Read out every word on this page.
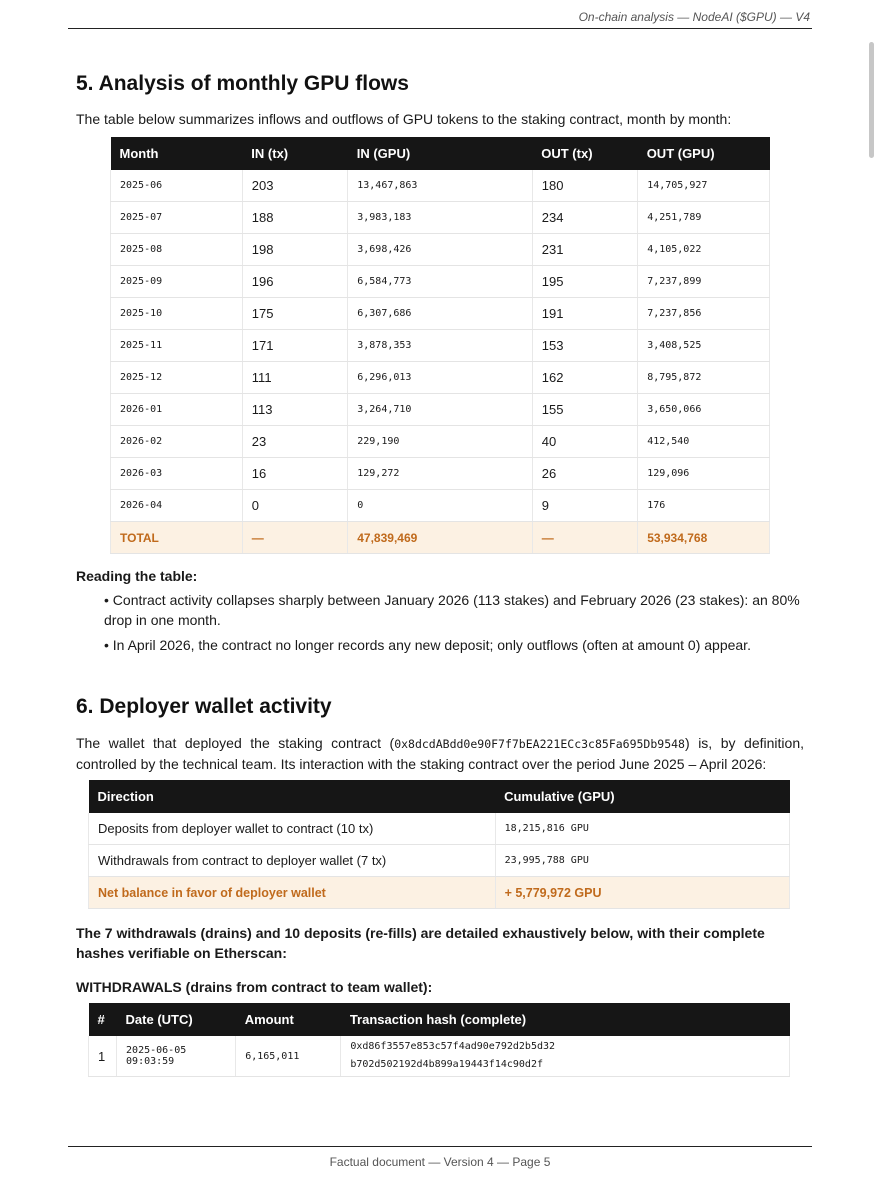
On-chain analysis — NodeAI ($GPU) — V4
5. Analysis of monthly GPU flows

The table below summarizes inflows and outflows of GPU tokens to the staking contract, month by month:

Month	IN (tx)	IN (GPU)	OUT (tx)	OUT (GPU)
2025-06	203	13,467,863	180	14,705,927
2025-07	188	3,983,183	234	4,251,789
2025-08	198	3,698,426	231	4,105,022
2025-09	196	6,584,773	195	7,237,899
2025-10	175	6,307,686	191	7,237,856
2025-11	171	3,878,353	153	3,408,525
2025-12	111	6,296,013	162	8,795,872
2026-01	113	3,264,710	155	3,650,066
2026-02	23	229,190	40	412,540
2026-03	16	129,272	26	129,096
2026-04	0	0	9	176
TOTAL	—	47,839,469	—	53,934,768
Reading the table:
• Contract activity collapses sharply between January 2026 (113 stakes) and February 2026 (23 stakes): an 80% drop in one month.
• In April 2026, the contract no longer records any new deposit; only outflows (often at amount 0) appear.
6. Deployer wallet activity

The wallet that deployed the staking contract (0x8dcdABdd0e90F7f7bEA221ECc3c85Fa695Db9548) is, by definition, controlled by the technical team. Its interaction with the staking contract over the period June 2025 – April 2026:

Direction	Cumulative (GPU)
Deposits from deployer wallet to contract (10 tx)	18,215,816 GPU
Withdrawals from contract to deployer wallet (7 tx)	23,995,788 GPU
Net balance in favor of deployer wallet	+ 5,779,972 GPU

The 7 withdrawals (drains) and 10 deposits (re-fills) are detailed exhaustively below, with their complete hashes verifiable on Etherscan:

WITHDRAWALS (drains from contract to team wallet):
#	Date (UTC)	Amount	Transaction hash (complete)
1	2025-06-05 09:03:59	6,165,011	0xd86f3557e853c57f4ad90e792d2b5d32
b702d502192d4b899a19443f14c90d2f
Factual document — Version 4 — Page 5
